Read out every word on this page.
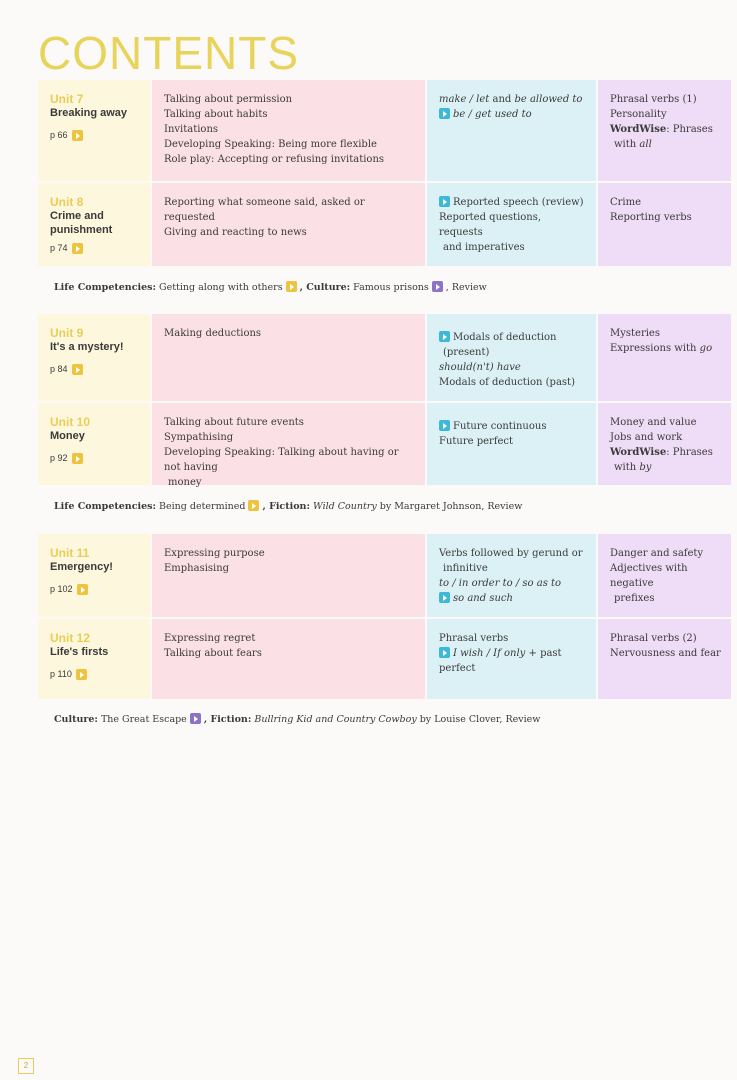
CONTENTS
Unit 7
Breaking away
p 66
Talking about permission
Talking about habits
Invitations
Developing Speaking: Being more flexible
Role play: Accepting or refusing invitations
make / let and be allowed to
be / get used to
Phrasal verbs (1)
Personality
WordWise: Phrases
with all
Unit 8
Crime and
punishment
p 74
Reporting what someone said, asked or requested
Giving and reacting to news
Reported speech (review)
Reported questions, requests
and imperatives
Crime
Reporting verbs
Life Competencies: Getting along with others , Culture: Famous prisons , Review
Unit 9
It's a mystery!
p 84
Making deductions	Modals of deduction
(present)
should(n't) have
Modals of deduction (past)
Mysteries
Expressions with go
Unit 10
Money
p 92
Talking about future events
Sympathising
Developing Speaking: Talking about having or not having
money
Future continuous
Future perfect
Money and value
Jobs and work
WordWise: Phrases
with by
Life Competencies: Being determined , Fiction: Wild Country by Margaret Johnson, Review
Unit 11
Emergency!
p 102
Expressing purpose
Emphasising
Verbs followed by gerund or
infinitive
to / in order to / so as to
so and such
Danger and safety
Adjectives with negative
prefixes
Unit 12
Life's firsts
p 110
Expressing regret
Talking about fears
Phrasal verbs
I wish / If only + past perfect
Phrasal verbs (2)
Nervousness and fear
Culture: The Great Escape , Fiction: Bullring Kid and Country Cowboy by Louise Clover, Review
2
